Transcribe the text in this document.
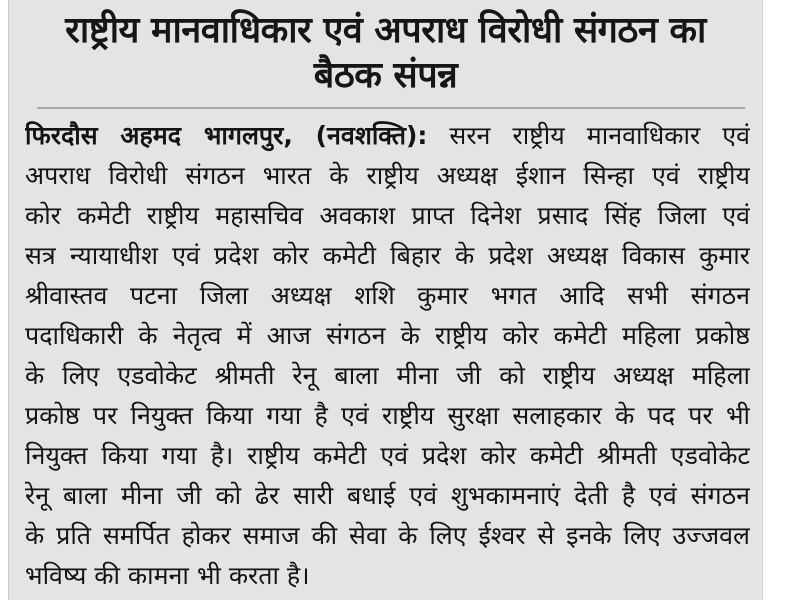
राष्ट्रीय मानवाधिकार एवं अपराध विरोधी संगठन का
बैठक संपन्न
फिरदौस अहमद भागलपुर, (नवशक्ति): सरन राष्ट्रीय मानवाधिकार एवं
अपराध विरोधी संगठन भारत के राष्ट्रीय अध्यक्ष ईशान सिन्हा एवं राष्ट्रीय
कोर कमेटी राष्ट्रीय महासचिव अवकाश प्राप्त दिनेश प्रसाद सिंह जिला एवं
सत्र न्यायाधीश एवं प्रदेश कोर कमेटी बिहार के प्रदेश अध्यक्ष विकास कुमार
श्रीवास्तव पटना जिला अध्यक्ष शशि कुमार भगत आदि सभी संगठन
पदाधिकारी के नेतृत्व में आज संगठन के राष्ट्रीय कोर कमेटी महिला प्रकोष्ठ
के लिए एडवोकेट श्रीमती रेनू बाला मीना जी को राष्ट्रीय अध्यक्ष महिला
प्रकोष्ठ पर नियुक्त किया गया है एवं राष्ट्रीय सुरक्षा सलाहकार के पद पर भी
नियुक्त किया गया है। राष्ट्रीय कमेटी एवं प्रदेश कोर कमेटी श्रीमती एडवोकेट
रेनू बाला मीना जी को ढेर सारी बधाई एवं शुभकामनाएं देती है एवं संगठन
के प्रति समर्पित होकर समाज की सेवा के लिए ईश्वर से इनके लिए उज्जवल
भविष्य की कामना भी करता है।
